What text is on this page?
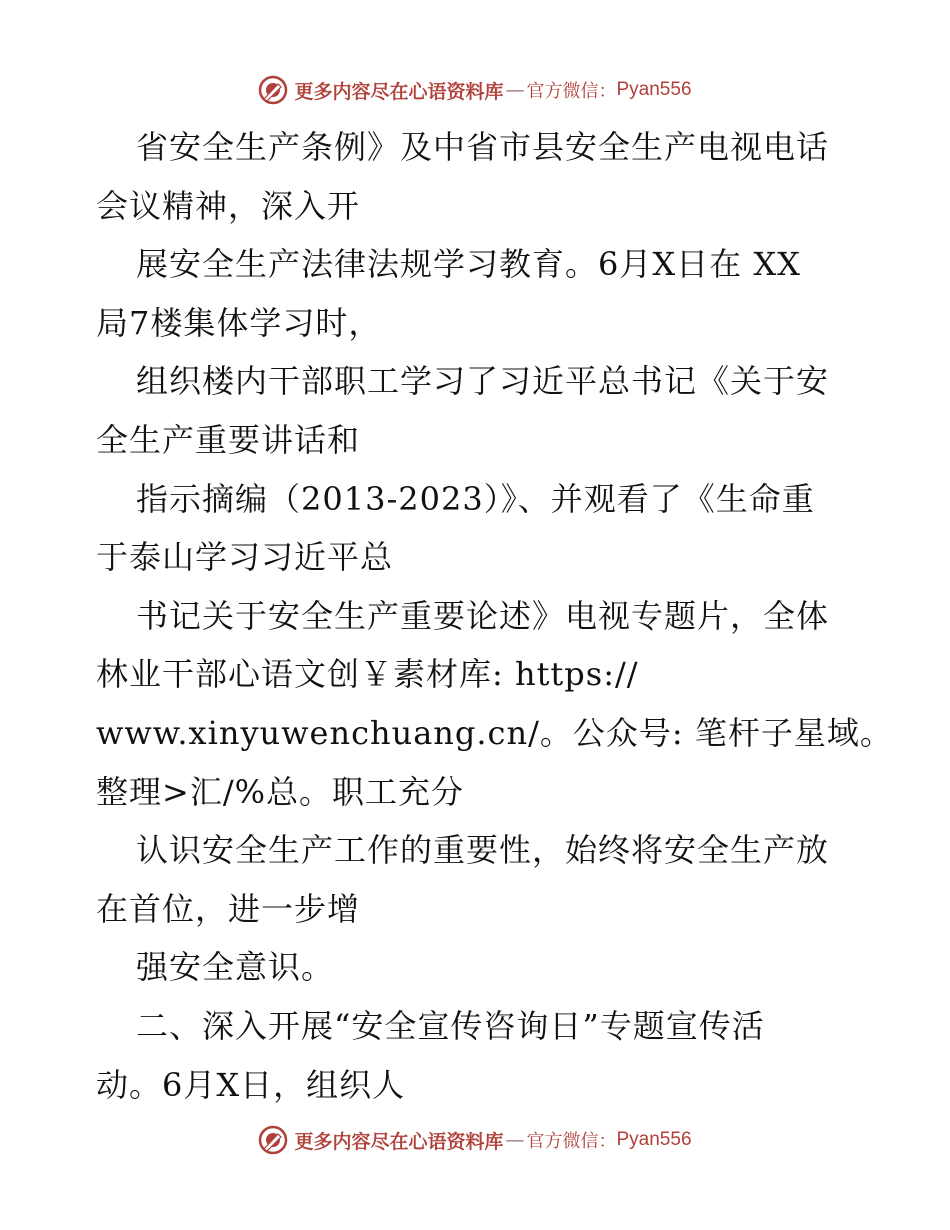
更多内容尽在心语资料库 — 官方微信： Pyan556
省安全生产条例》及中省市县安全生产电视电话
会议精神，深入开
展安全生产法律法规学习教育。6月X日在 XX
局7楼集体学习时，
组织楼内干部职工学习了习近平总书记《关于安
全生产重要讲话和
指示摘编（2013-2023）》、并观看了《生命重
于泰山学习习近平总
书记关于安全生产重要论述》电视专题片，全体
林业干部心语文创￥素材库: https://
www.xinyuwenchuang.cn/。公众号: 笔杆子星域。
整理>汇/%总。职工充分
认识安全生产工作的重要性，始终将安全生产放
在首位，进一步增
强安全意识。
二、深入开展“安全宣传咨询日”专题宣传活
动。6月X日，组织人
更多内容尽在心语资料库 — 官方微信： Pyan556
